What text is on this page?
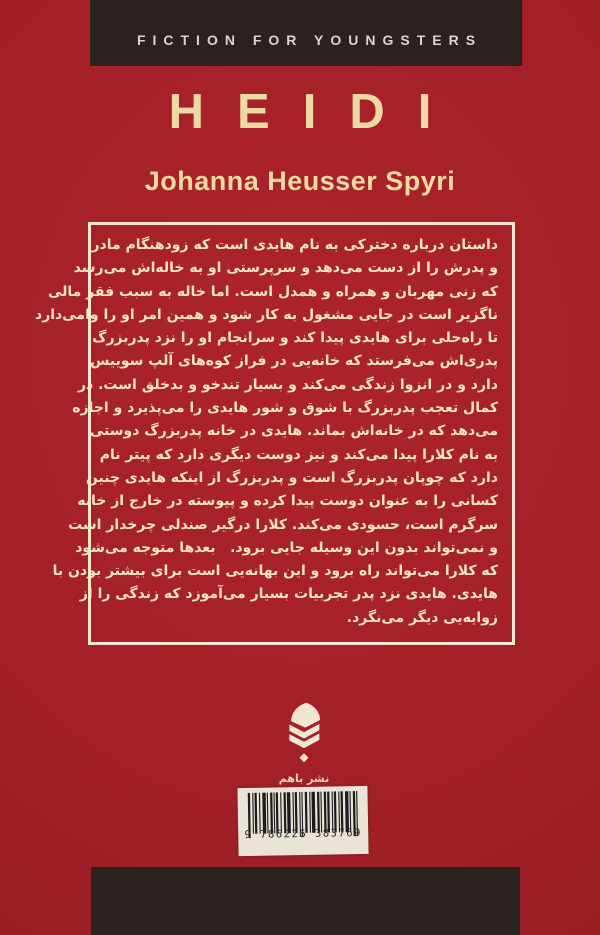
FICTION FOR YOUNGSTERS
HEIDI
Johanna Heusser Spyri
داستان درباره دخترکی به نام هایدی است که زودهنگام مادر
و پدرش را از دست می‌دهد و سرپرستی او به خاله‌اش می‌رسد
که زنی مهربان و همراه و همدل است. اما خاله به سبب فقر مالی
ناگزیر است در جایی مشغول به کار شود و همین امر او را وامی‌دارد
تا راه‌حلی برای هایدی پیدا کند و سرانجام او را نزد پدربزرگ
پدری‌اش می‌فرستد که خانه‌یی در فراز کوه‌های آلپ سوییس
دارد و در انزوا زندگی می‌کند و بسیار تندخو و بدخلق است. در
کمال تعجب پدربزرگ با شوق و شور هایدی را می‌پذیرد و اجازه
می‌دهد که در خانه‌اش بماند. هایدی در خانه پدربزرگ دوستی
به نام کلارا پیدا می‌کند و نیز دوست دیگری دارد که پیتر نام
دارد که چوپان پدربزرگ است و پدربزرگ از اینکه هایدی چنین
کسانی را به عنوان دوست پیدا کرده و پیوسته در خارج از خانه
سرگرم است، حسودی می‌کند. کلارا درگیر صندلی چرخدار است
و نمی‌تواند بدون این وسیله جایی برود.   بعدها متوجه می‌شود
که کلارا می‌تواند راه برود و این بهانه‌یی است برای بیشتر بودن با
هایدی. هایدی نزد پدر تجربیات بسیار می‌آموزد که زندگی را از
زوایه‌یی دیگر می‌نگرد.
نشر باهم
9 786226 383769
